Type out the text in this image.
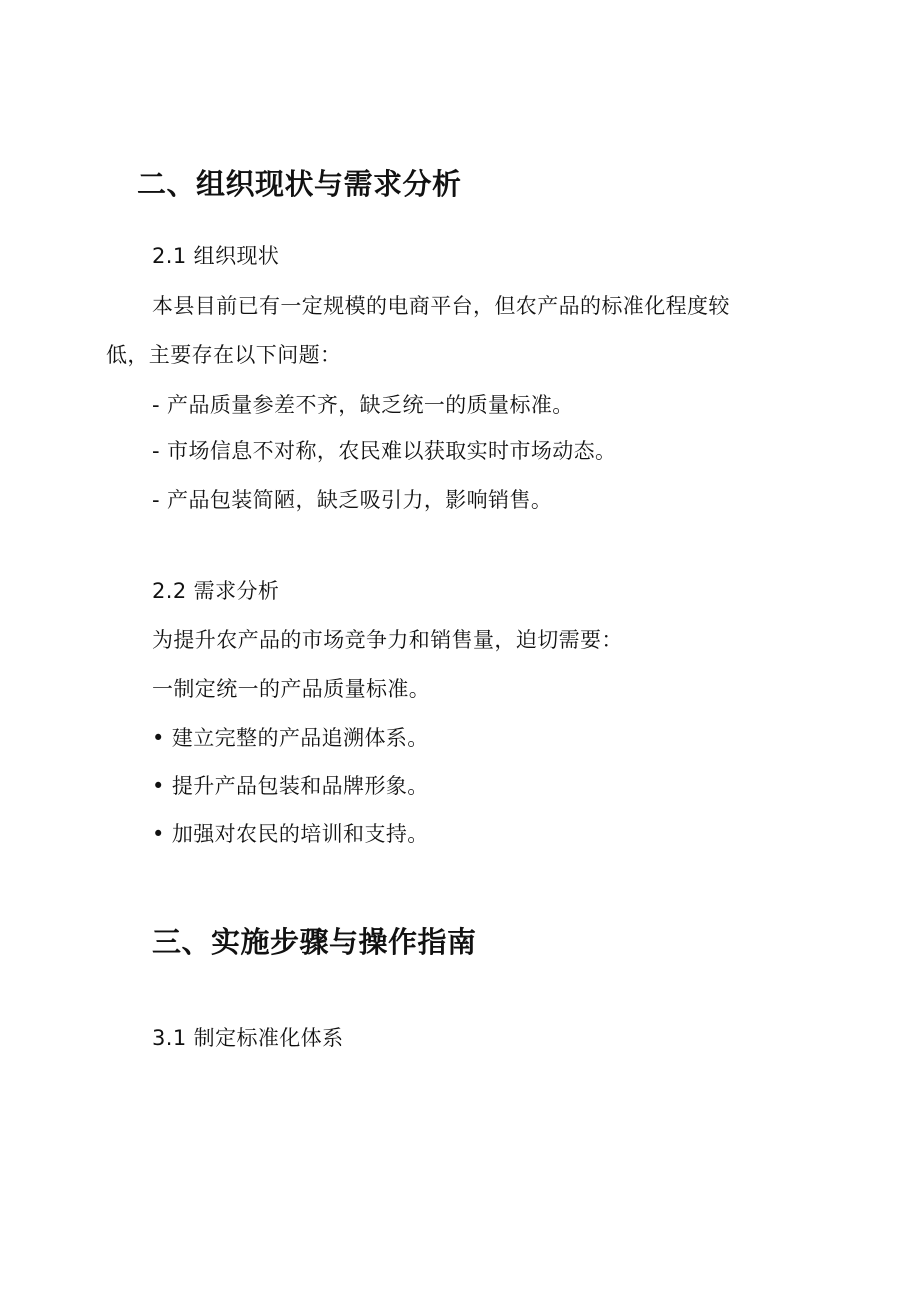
二、组织现状与需求分析
2.1 组织现状
本县目前已有一定规模的电商平台，但农产品的标准化程度较
低，主要存在以下问题：
- 产品质量参差不齐，缺乏统一的质量标准。
- 市场信息不对称，农民难以获取实时市场动态。
- 产品包装简陋，缺乏吸引力，影响销售。
2.2 需求分析
为提升农产品的市场竞争力和销售量，迫切需要：
一制定统一的产品质量标准。
• 建立完整的产品追溯体系。
• 提升产品包装和品牌形象。
• 加强对农民的培训和支持。
三、实施步骤与操作指南
3.1 制定标准化体系
